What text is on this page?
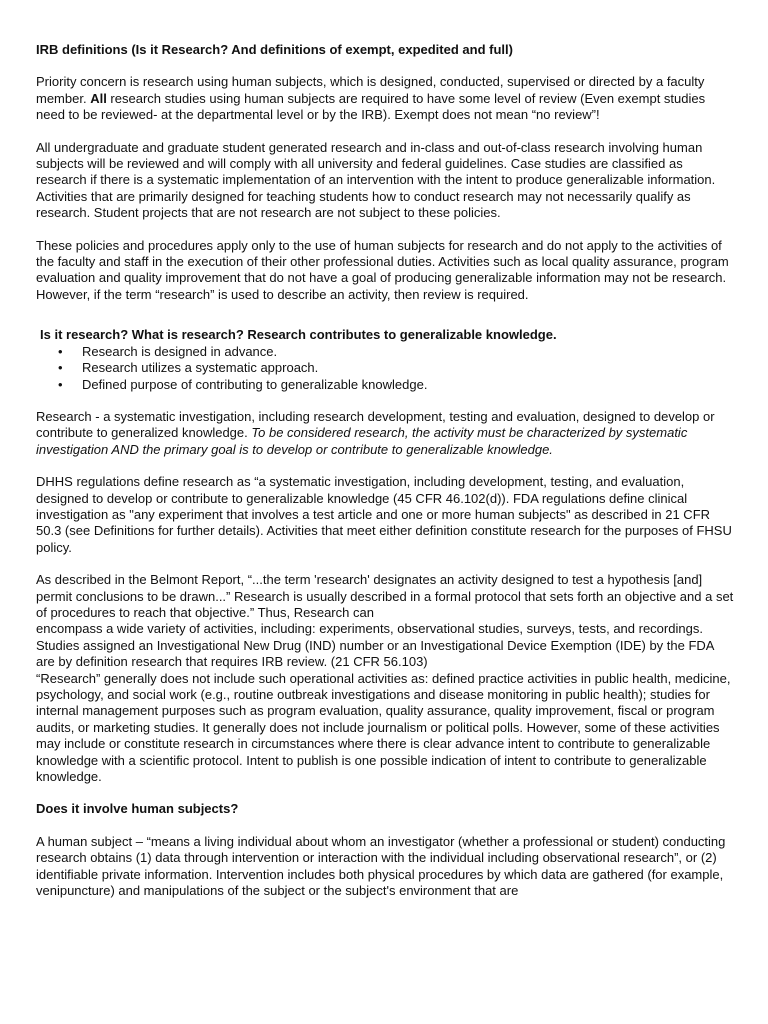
IRB definitions (Is it Research? And definitions of exempt, expedited and full)

Priority concern is research using human subjects, which is designed, conducted, supervised or directed by a faculty member. All research studies using human subjects are required to have some level of review (Even exempt studies need to be reviewed- at the departmental level or by the IRB). Exempt does not mean “no review”!

All undergraduate and graduate student generated research and in-class and out-of-class research involving human subjects will be reviewed and will comply with all university and federal guidelines. Case studies are classified as research if there is a systematic implementation of an intervention with the intent to produce generalizable information. Activities that are primarily designed for teaching students how to conduct research may not necessarily qualify as research. Student projects that are not research are not subject to these policies.

These policies and procedures apply only to the use of human subjects for research and do not apply to the activities of the faculty and staff in the execution of their other professional duties. Activities such as local quality assurance, program evaluation and quality improvement that do not have a goal of producing generalizable information may not be research. However, if the term “research” is used to describe an activity, then review is required.

Is it research? What is research? Research contributes to generalizable knowledge.

• Research is designed in advance.
• Research utilizes a systematic approach.
• Defined purpose of contributing to generalizable knowledge.

Research - a systematic investigation, including research development, testing and evaluation, designed to develop or contribute to generalized knowledge. To be considered research, the activity must be characterized by systematic investigation AND the primary goal is to develop or contribute to generalizable knowledge.

DHHS regulations define research as “a systematic investigation, including development, testing, and evaluation, designed to develop or contribute to generalizable knowledge (45 CFR 46.102(d)). FDA regulations define clinical investigation as "any experiment that involves a test article and one or more human subjects" as described in 21 CFR 50.3 (see Definitions for further details). Activities that meet either definition constitute research for the purposes of FHSU policy.

As described in the Belmont Report, “...the term 'research' designates an activity designed to test a hypothesis [and] permit conclusions to be drawn...” Research is usually described in a formal protocol that sets forth an objective and a set of procedures to reach that objective.” Thus, Research can

encompass a wide variety of activities, including: experiments, observational studies, surveys, tests, and recordings. Studies assigned an Investigational New Drug (IND) number or an Investigational Device Exemption (IDE) by the FDA are by definition research that requires IRB review. (21 CFR 56.103)

“Research” generally does not include such operational activities as: defined practice activities in public health, medicine, psychology, and social work (e.g., routine outbreak investigations and disease monitoring in public health); studies for internal management purposes such as program evaluation, quality assurance, quality improvement, fiscal or program audits, or marketing studies. It generally does not include journalism or political polls. However, some of these activities may include or constitute research in circumstances where there is clear advance intent to contribute to generalizable knowledge with a scientific protocol. Intent to publish is one possible indication of intent to contribute to generalizable knowledge.

Does it involve human subjects?

A human subject – “means a living individual about whom an investigator (whether a professional or student) conducting research obtains (1) data through intervention or interaction with the individual including observational research”, or (2) identifiable private information. Intervention includes both physical procedures by which data are gathered (for example, venipuncture) and manipulations of the subject or the subject's environment that are
